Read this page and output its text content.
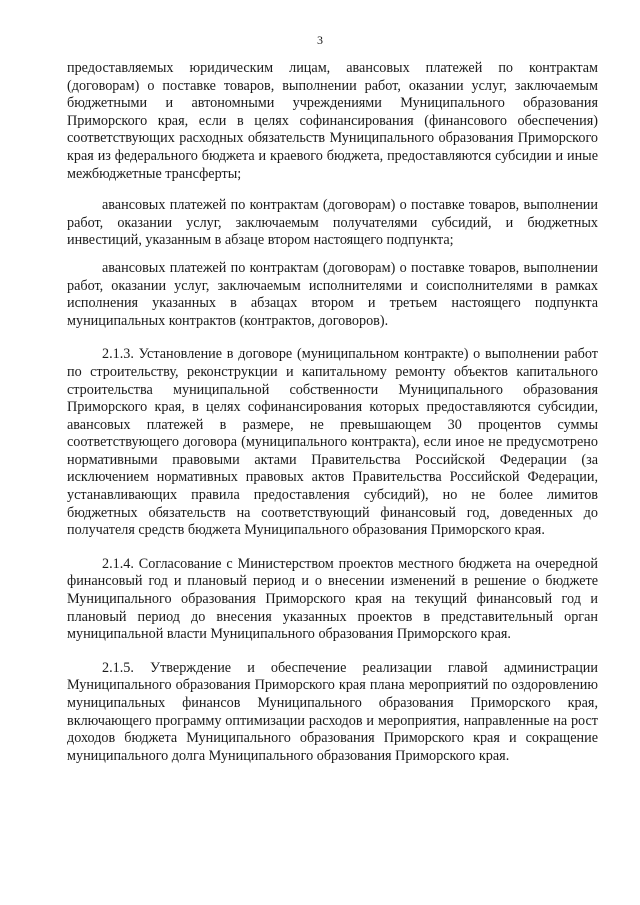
3

предоставляемых юридическим лицам, авансовых платежей по контрактам (договорам) о поставке товаров, выполнении работ, оказании услуг, заключаемым бюджетными и автономными учреждениями Муниципального образования Приморского края, если в целях софинансирования (финансового обеспечения) соответствующих расходных обязательств Муниципального образования Приморского края из федерального бюджета и краевого бюджета, предоставляются субсидии и иные межбюджетные трансферты;

авансовых платежей по контрактам (договорам) о поставке товаров, выполнении работ, оказании услуг, заключаемым получателями субсидий, и бюджетных инвестиций, указанным в абзаце втором настоящего подпункта;

авансовых платежей по контрактам (договорам) о поставке товаров, выполнении работ, оказании услуг, заключаемым исполнителями и соисполнителями в рамках исполнения указанных в абзацах втором и третьем настоящего подпункта муниципальных контрактов (контрактов, договоров).

2.1.3. Установление в договоре (муниципальном контракте) о выполнении работ по строительству, реконструкции и капитальному ремонту объектов капитального строительства муниципальной собственности Муниципального образования Приморского края, в целях софинансирования которых предоставляются субсидии, авансовых платежей в размере, не превышающем 30 процентов суммы соответствующего договора (муниципального контракта), если иное не предусмотрено нормативными правовыми актами Правительства Российской Федерации (за исключением нормативных правовых актов Правительства Российской Федерации, устанавливающих правила предоставления субсидий), но не более лимитов бюджетных обязательств на соответствующий финансовый год, доведенных до получателя средств бюджета Муниципального образования Приморского края.

2.1.4. Согласование с Министерством проектов местного бюджета на очередной финансовый год и плановый период и о внесении изменений в решение о бюджете Муниципального образования Приморского края на текущий финансовый год и плановый период до внесения указанных проектов в представительный орган муниципальной власти Муниципального образования Приморского края.

2.1.5. Утверждение и обеспечение реализации главой администрации Муниципального образования Приморского края плана мероприятий по оздоровлению муниципальных финансов Муниципального образования Приморского края, включающего программу оптимизации расходов и мероприятия, направленные на рост доходов бюджета Муниципального образования Приморского края и сокращение муниципального долга Муниципального образования Приморского края.
